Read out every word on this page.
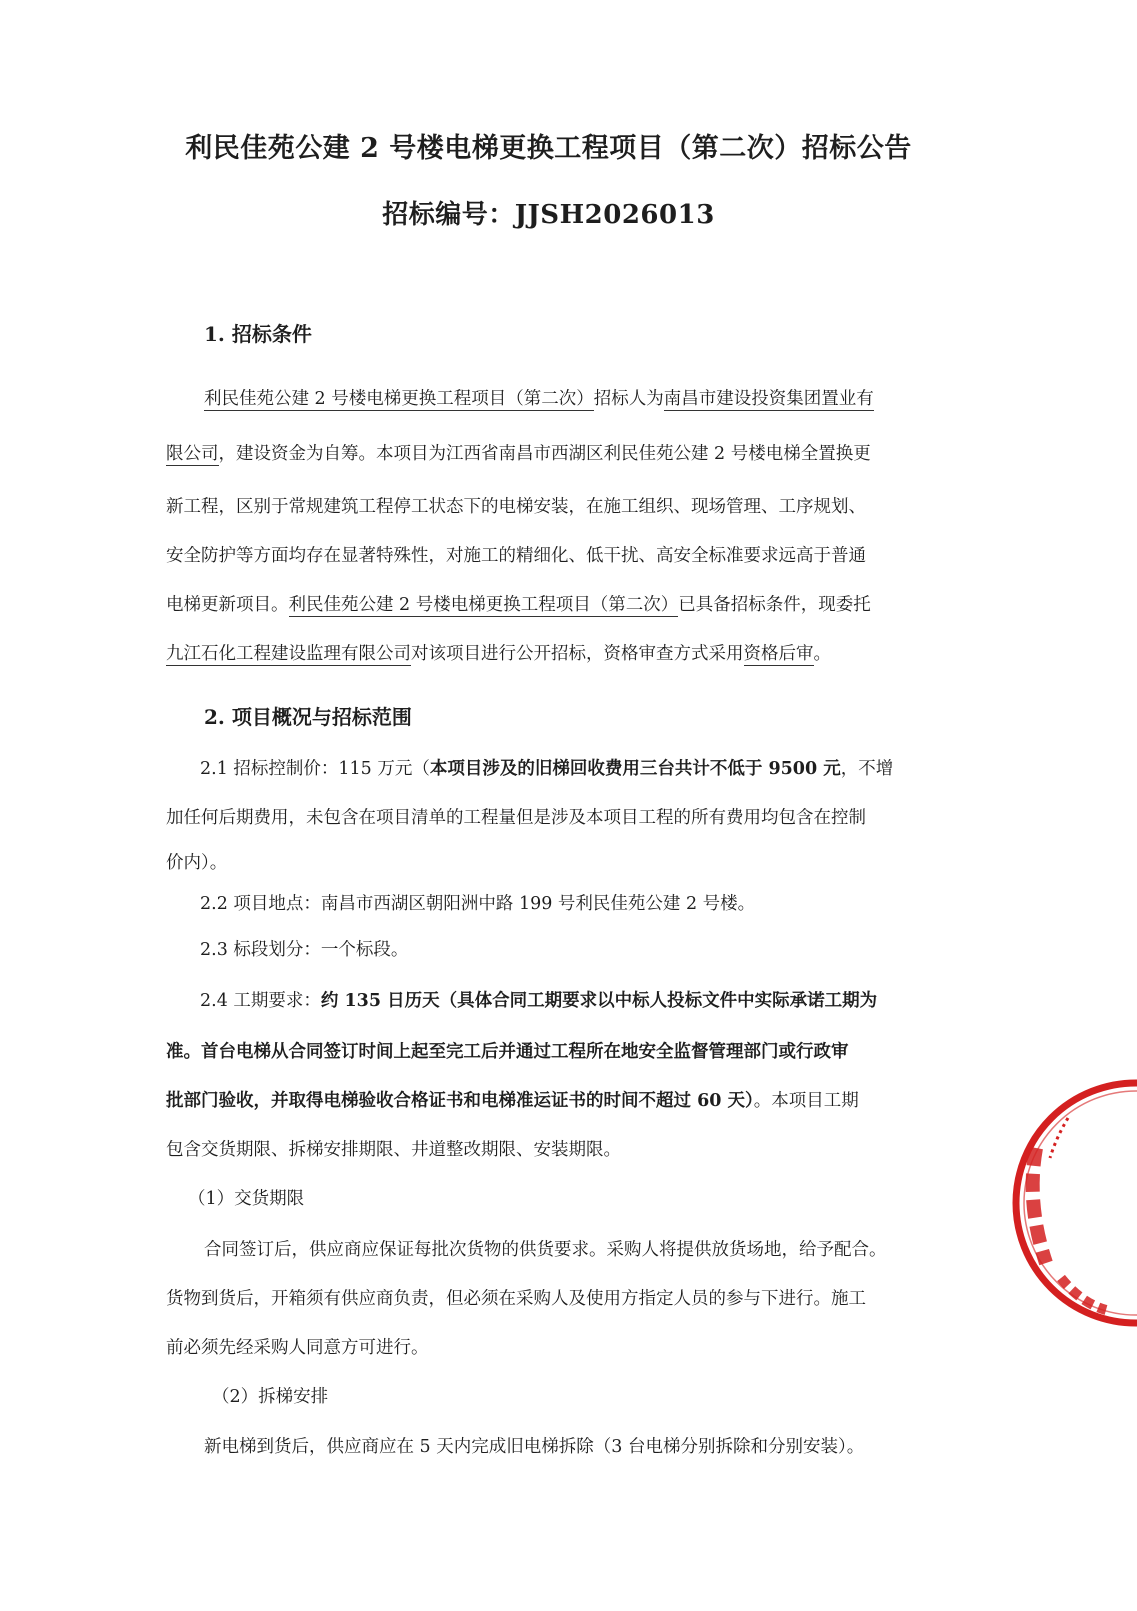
利民佳苑公建 2 号楼电梯更换工程项目（第二次）招标公告
招标编号：JJSH2026013
1. 招标条件
利民佳苑公建 2 号楼电梯更换工程项目（第二次）招标人为南昌市建设投资集团置业有
限公司，建设资金为自筹。本项目为江西省南昌市西湖区利民佳苑公建 2 号楼电梯全置换更
新工程，区别于常规建筑工程停工状态下的电梯安装，在施工组织、现场管理、工序规划、
安全防护等方面均存在显著特殊性，对施工的精细化、低干扰、高安全标准要求远高于普通
电梯更新项目。利民佳苑公建 2 号楼电梯更换工程项目（第二次）已具备招标条件，现委托
九江石化工程建设监理有限公司对该项目进行公开招标，资格审查方式采用资格后审。
2. 项目概况与招标范围
2.1 招标控制价：115 万元（本项目涉及的旧梯回收费用三台共计不低于 9500 元，不增
加任何后期费用，未包含在项目清单的工程量但是涉及本项目工程的所有费用均包含在控制
价内）。
2.2 项目地点：南昌市西湖区朝阳洲中路 199 号利民佳苑公建 2 号楼。
2.3 标段划分：一个标段。
2.4 工期要求：约 135 日历天（具体合同工期要求以中标人投标文件中实际承诺工期为
准。首台电梯从合同签订时间上起至完工后并通过工程所在地安全监督管理部门或行政审
批部门验收，并取得电梯验收合格证书和电梯准运证书的时间不超过 60 天）。本项目工期
包含交货期限、拆梯安排期限、井道整改期限、安装期限。
（1）交货期限
合同签订后，供应商应保证每批次货物的供货要求。采购人将提供放货场地，给予配合。
货物到货后，开箱须有供应商负责，但必须在采购人及使用方指定人员的参与下进行。施工
前必须先经采购人同意方可进行。
（2）拆梯安排
新电梯到货后，供应商应在 5 天内完成旧电梯拆除（3 台电梯分别拆除和分别安装）。
